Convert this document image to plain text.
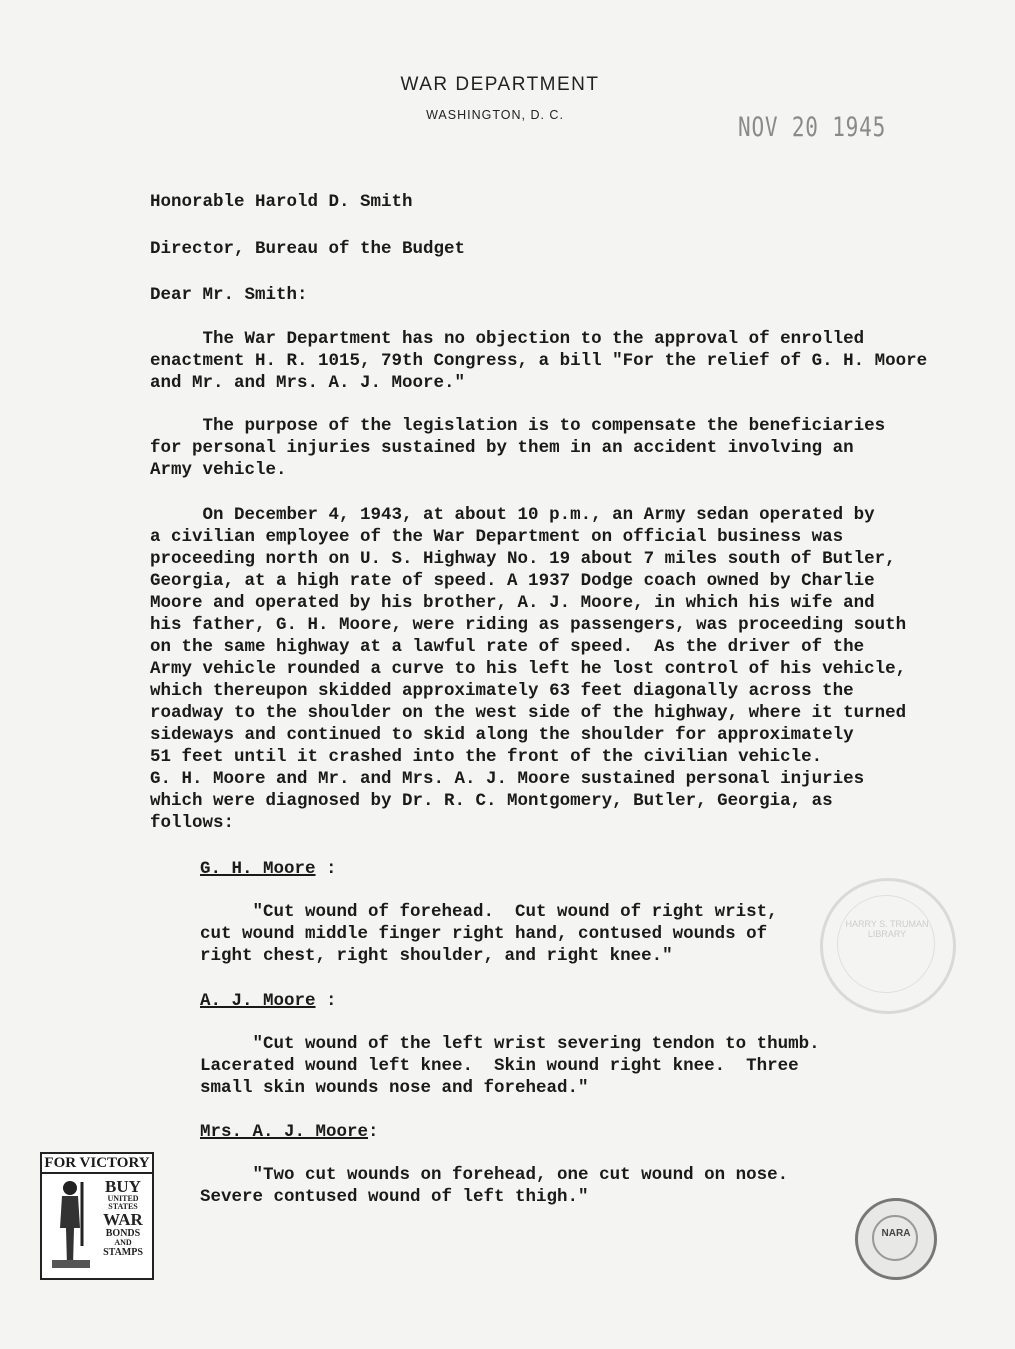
WAR DEPARTMENT
WASHINGTON, D. C.	NOV 20 1945
Honorable Harold D. Smith
Director, Bureau of the Budget
Dear Mr. Smith:
The War Department has no objection to the approval of enrolled
enactment H. R. 1015, 79th Congress, a bill "For the relief of G. H. Moore
and Mr. and Mrs. A. J. Moore."
The purpose of the legislation is to compensate the beneficiaries
for personal injuries sustained by them in an accident involving an
Army vehicle.
On December 4, 1943, at about 10 p.m., an Army sedan operated by
a civilian employee of the War Department on official business was
proceeding north on U. S. Highway No. 19 about 7 miles south of Butler,
Georgia, at a high rate of speed. A 1937 Dodge coach owned by Charlie
Moore and operated by his brother, A. J. Moore, in which his wife and
his father, G. H. Moore, were riding as passengers, was proceeding south
on the same highway at a lawful rate of speed.  As the driver of the
Army vehicle rounded a curve to his left he lost control of his vehicle,
which thereupon skidded approximately 63 feet diagonally across the
roadway to the shoulder on the west side of the highway, where it turned
sideways and continued to skid along the shoulder for approximately
51 feet until it crashed into the front of the civilian vehicle.
G. H. Moore and Mr. and Mrs. A. J. Moore sustained personal injuries
which were diagnosed by Dr. R. C. Montgomery, Butler, Georgia, as
follows:
G. H. Moore :
"Cut wound of forehead.  Cut wound of right wrist,
cut wound middle finger right hand, contused wounds of
right chest, right shoulder, and right knee."
A. J. Moore :
"Cut wound of the left wrist severing tendon to thumb.
Lacerated wound left knee.  Skin wound right knee.  Three
small skin wounds nose and forehead."
Mrs. A. J. Moore :
"Two cut wounds on forehead, one cut wound on nose.
Severe contused wound of left thigh."
HARRY S. TRUMAN LIBRARY
FOR VICTORY
BUY
UNITED STATES
WAR
BONDS
AND
STAMPS
NARA
